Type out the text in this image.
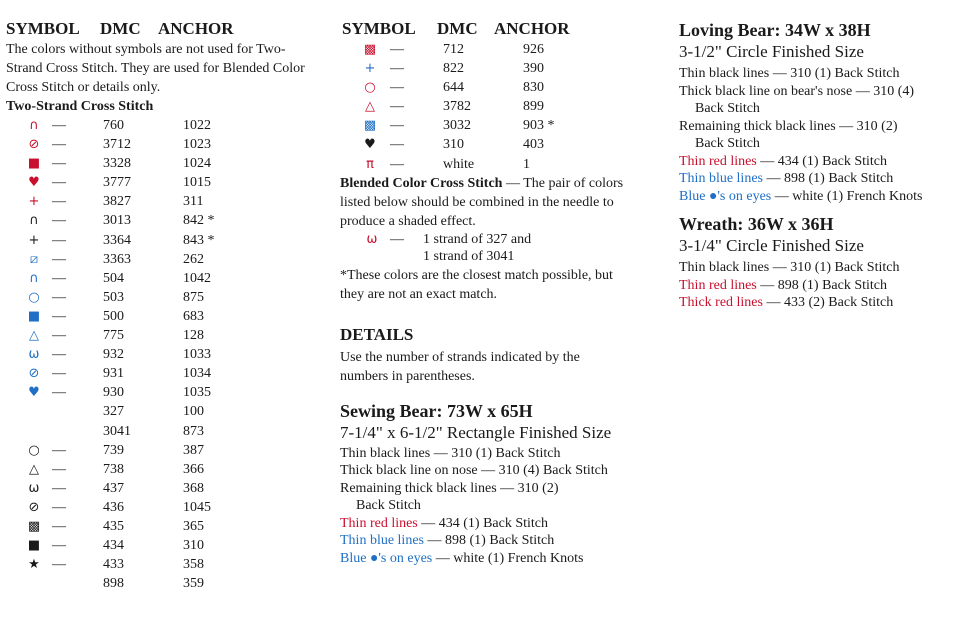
SYMBOL DMC ANCHOR
The colors without symbols are not used for Two-Strand Cross Stitch. They are used for Blended Color Cross Stitch or details only.
Two-Strand Cross Stitch
∩ —	760	1022
⊘ —	3712	1023
■ —	3328	1024
♥ —	3777	1015
+ —	3827	311
∩ —	3013	842 *
+ —	3364	843 *
⧄ —	3363	262
∩ —	504	1042
○ —	503	875
■ —	500	683
△ —	775	128
ω —	932	1033
⊘ —	931	1034
♥ —	930	1035
327	100
3041	873
○ —	739	387
△ —	738	366
ω —	437	368
⊘ —	436	1045
▩ —	435	365
■ —	434	310
★ —	433	358
898	359
SYMBOL DMC ANCHOR
▩ —	712	926
+ —	822	390
○ —	644	830
△ —	3782	899
▩ —	3032	903 *
♥ —	310	403
π —	white	1
Blended Color Cross Stitch — The pair of colors listed below should be combined in the needle to produce a shaded effect.
ω — 1 strand of 327 and
1 strand of 3041
*These colors are the closest match possible, but they are not an exact match.
DETAILS
Use the number of strands indicated by the numbers in parentheses.
Sewing Bear: 73W x 65H
7-1/4" x 6-1/2" Rectangle Finished Size
Thin black lines — 310 (1) Back Stitch
Thick black line on nose — 310 (4) Back Stitch
Remaining thick black lines — 310 (2)
Back Stitch
Thin red lines — 434 (1) Back Stitch
Thin blue lines — 898 (1) Back Stitch
Blue ●'s on eyes — white (1) French Knots
Loving Bear: 34W x 38H
3-1/2" Circle Finished Size
Thin black lines — 310 (1) Back Stitch
Thick black line on bear's nose — 310 (4)
Back Stitch
Remaining thick black lines — 310 (2)
Back Stitch
Thin red lines — 434 (1) Back Stitch
Thin blue lines — 898 (1) Back Stitch
Blue ●'s on eyes — white (1) French Knots
Wreath: 36W x 36H
3-1/4" Circle Finished Size
Thin black lines — 310 (1) Back Stitch
Thin red lines — 898 (1) Back Stitch
Thick red lines — 433 (2) Back Stitch
